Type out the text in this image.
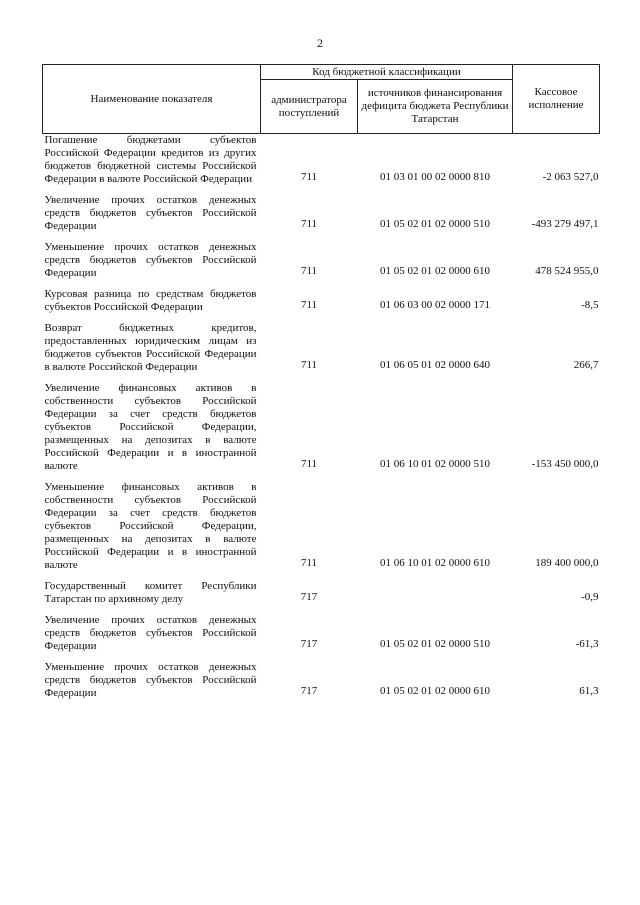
2
Наименование показателя	Код бюджетной классификации		Кассовое исполнение
	администратора поступлений	источников финансирования дефицита бюджета Республики Татарстан	
Погашение бюджетами субъектов Российской Федерации кредитов из других бюджетов бюджетной системы Российской Федерации в валюте Российской Федерации	711	01 03 01 00 02 0000 810	-2 063 527,0
Увеличение прочих остатков денежных средств бюджетов субъектов Российской Федерации	711	01 05 02 01 02 0000 510	-493 279 497,1
Уменьшение прочих остатков денежных средств бюджетов субъектов Российской Федерации	711	01 05 02 01 02 0000 610	478 524 955,0
Курсовая разница по средствам бюджетов субъектов Российской Федерации	711	01 06 03 00 02 0000 171	-8,5
Возврат бюджетных кредитов, предоставленных юридическим лицам из бюджетов субъектов Российской Федерации в валюте Российской Федерации	711	01 06 05 01 02 0000 640	266,7
Увеличение финансовых активов в собственности субъектов Российской Федерации за счет средств бюджетов субъектов Российской Федерации, размещенных на депозитах в валюте Российской Федерации и в иностранной валюте	711	01 06 10 01 02 0000 510	-153 450 000,0
Уменьшение финансовых активов в собственности субъектов Российской Федерации за счет средств бюджетов субъектов Российской Федерации, размещенных на депозитах в валюте Российской Федерации и в иностранной валюте	711	01 06 10 01 02 0000 610	189 400 000,0
Государственный комитет Республики Татарстан по архивному делу	717		-0,9
Увеличение прочих остатков денежных средств бюджетов субъектов Российской Федерации	717	01 05 02 01 02 0000 510	-61,3
Уменьшение прочих остатков денежных средств бюджетов субъектов Российской Федерации	717	01 05 02 01 02 0000 610	61,3
